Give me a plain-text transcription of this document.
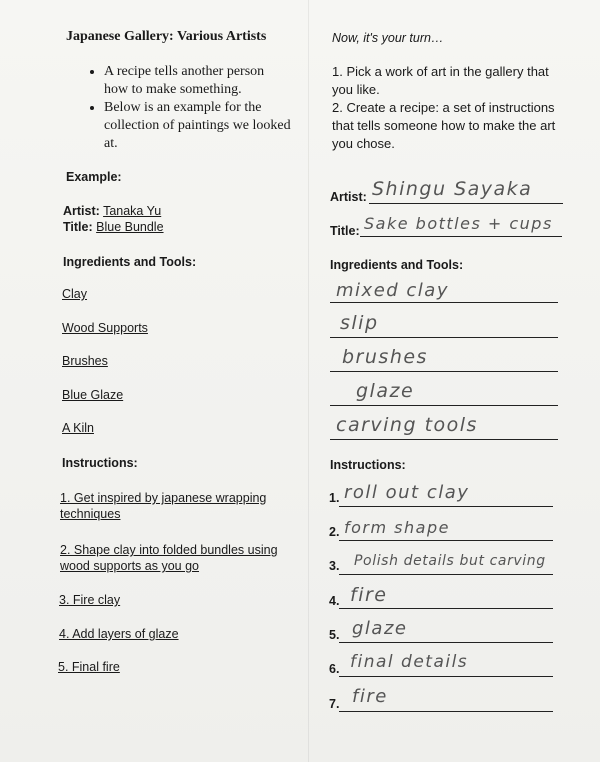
Japanese Gallery: Various Artists
• A recipe tells another person how to make something.
• Below is an example for the collection of paintings we looked at.
Example:
Artist: Tanaka Yu
Title: Blue Bundle
Ingredients and Tools:
Clay
Wood Supports
Brushes
Blue Glaze
A Kiln
Instructions:
1. Get inspired by japanese wrapping techniques
2. Shape clay into folded bundles using wood supports as you go
3. Fire clay
4. Add layers of glaze
5. Final fire
Now, it's your turn…
1. Pick a work of art in the gallery that you like.
2. Create a recipe: a set of instructions that tells someone how to make the art you chose.
Artist: Shingu Sayaka
Title: Sake bottles + cups
Ingredients and Tools:
mixed clay
slip
brushes
glaze
carving tools
Instructions:
1. roll out clay
2. form shape
3. Polish details but carving
4. fire
5. glaze
6. final details
7. fire
